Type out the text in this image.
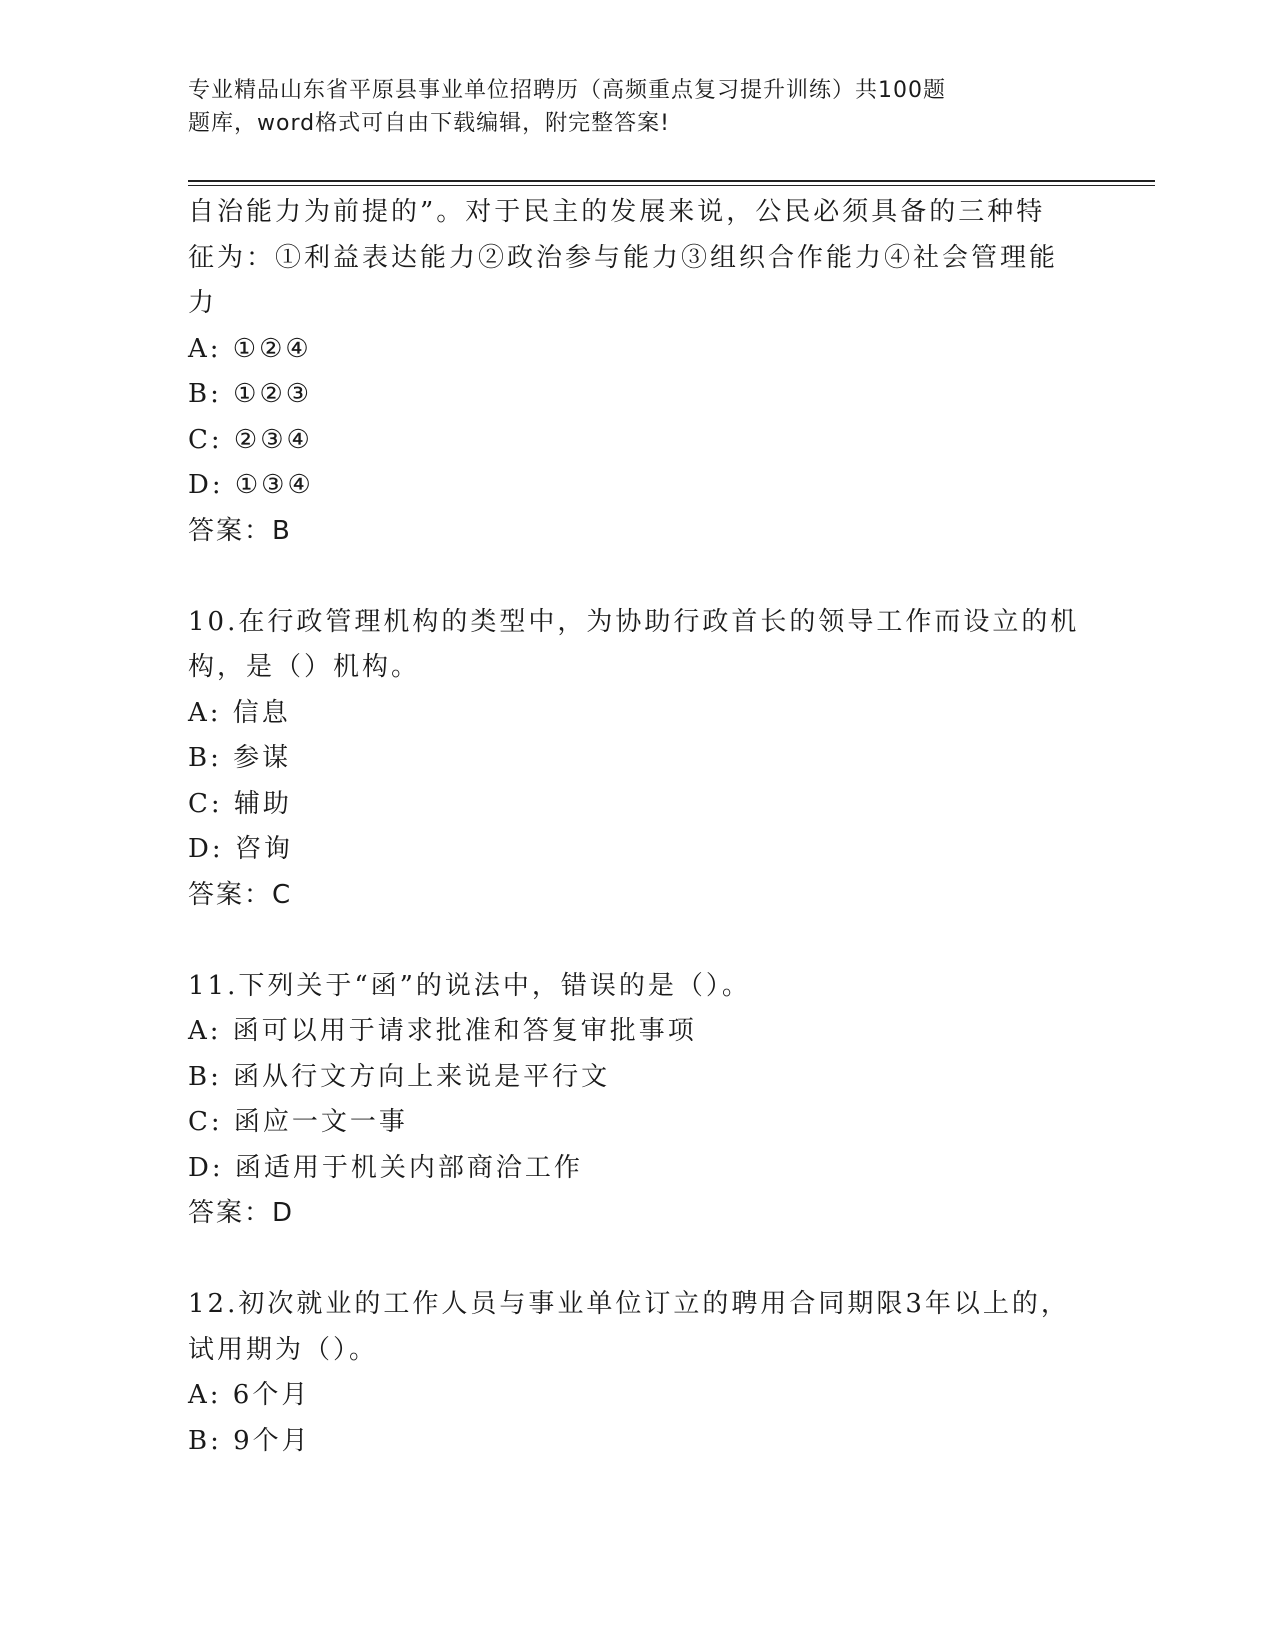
专业精品山东省平原县事业单位招聘历（高频重点复习提升训练）共100题
题库，word格式可自由下载编辑，附完整答案!
自治能力为前提的”。对于民主的发展来说，公民必须具备的三种特
征为：①利益表达能力②政治参与能力③组织合作能力④社会管理能
力
A: ①②④
B: ①②③
C: ②③④
D: ①③④
答案：B
10.在行政管理机构的类型中，为协助行政首长的领导工作而设立的机
构，是（）机构。
A: 信息
B: 参谋
C: 辅助
D: 咨询
答案：C
11.下列关于“函”的说法中，错误的是（）。
A: 函可以用于请求批准和答复审批事项
B: 函从行文方向上来说是平行文
C: 函应一文一事
D: 函适用于机关内部商洽工作
答案：D
12.初次就业的工作人员与事业单位订立的聘用合同期限3年以上的，
试用期为（）。
A: 6个月
B: 9个月
